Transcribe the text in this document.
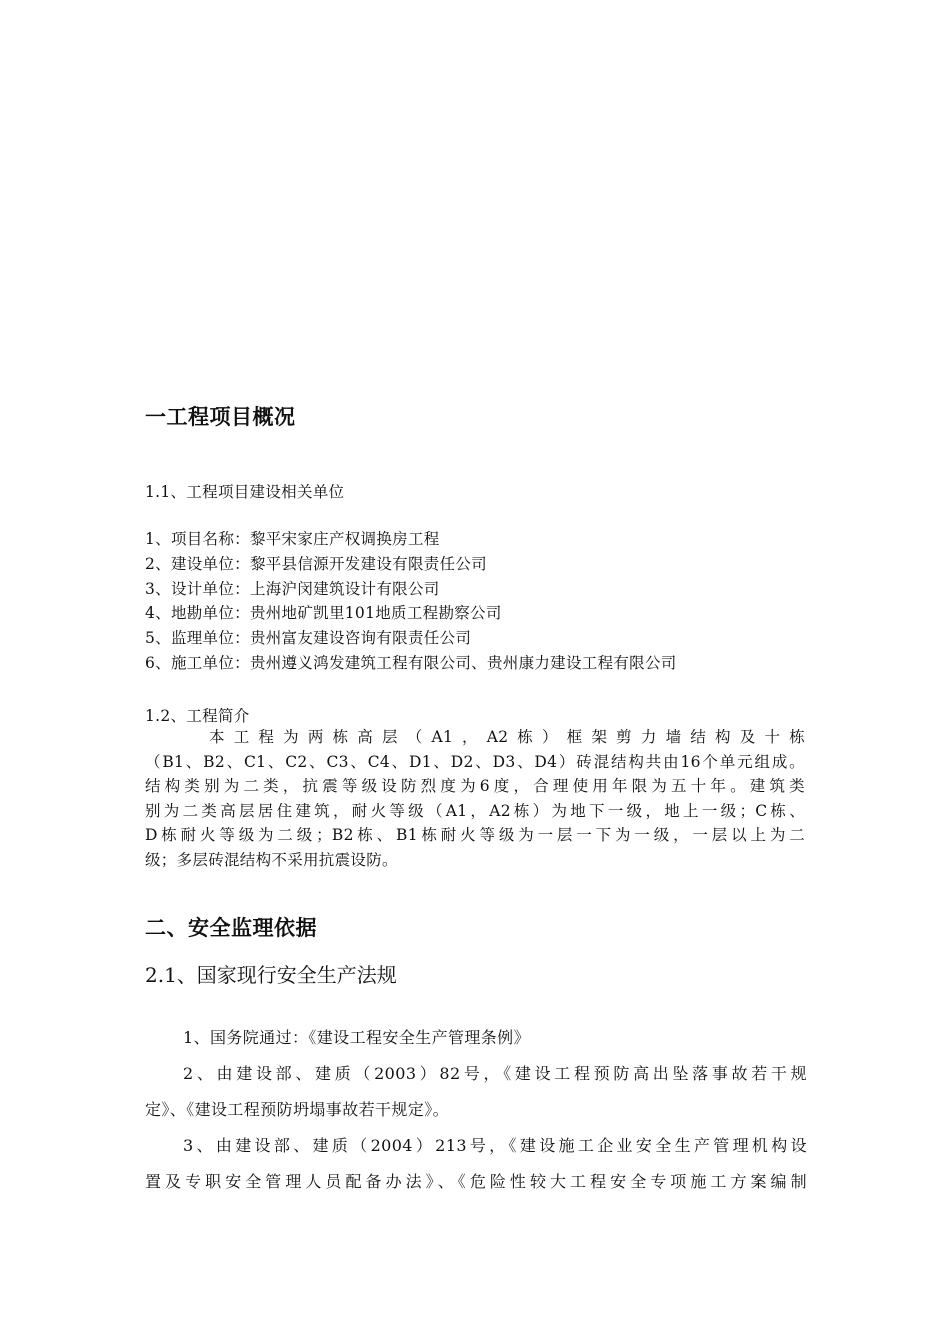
一工程项目概况
1.1、工程项目建设相关单位
1、项目名称：黎平宋家庄产权调换房工程
2、建设单位：黎平县信源开发建设有限责任公司
3、设计单位：上海沪闵建筑设计有限公司
4、地勘单位：贵州地矿凯里101地质工程勘察公司
5、监理单位：贵州富友建设咨询有限责任公司
6、施工单位：贵州遵义鸿发建筑工程有限公司、贵州康力建设工程有限公司
1.2、工程简介
本工程为两栋高层（A1，A2栋）框架剪力墙结构及十栋
（B1、B2、C1、C2、C3、C4、D1、D2、D3、D4）砖混结构共由16个单元组成。
结构类别为二类，抗震等级设防烈度为6度，合理使用年限为五十年。建筑类
别为二类高层居住建筑，耐火等级（A1，A2栋）为地下一级，地上一级；C栋、
D栋耐火等级为二级；B2栋、B1栋耐火等级为一层一下为一级，一层以上为二
级；多层砖混结构不采用抗震设防。
二、安全监理依据
2.1、国家现行安全生产法规
1、国务院通过：《建设工程安全生产管理条例》
2、由建设部、建质（2003）82号，《建设工程预防高出坠落事故若干规
定》、《建设工程预防坍塌事故若干规定》。
3、由建设部、建质（2004）213号，《建设施工企业安全生产管理机构设
置及专职安全管理人员配备办法》、《危险性较大工程安全专项施工方案编制
